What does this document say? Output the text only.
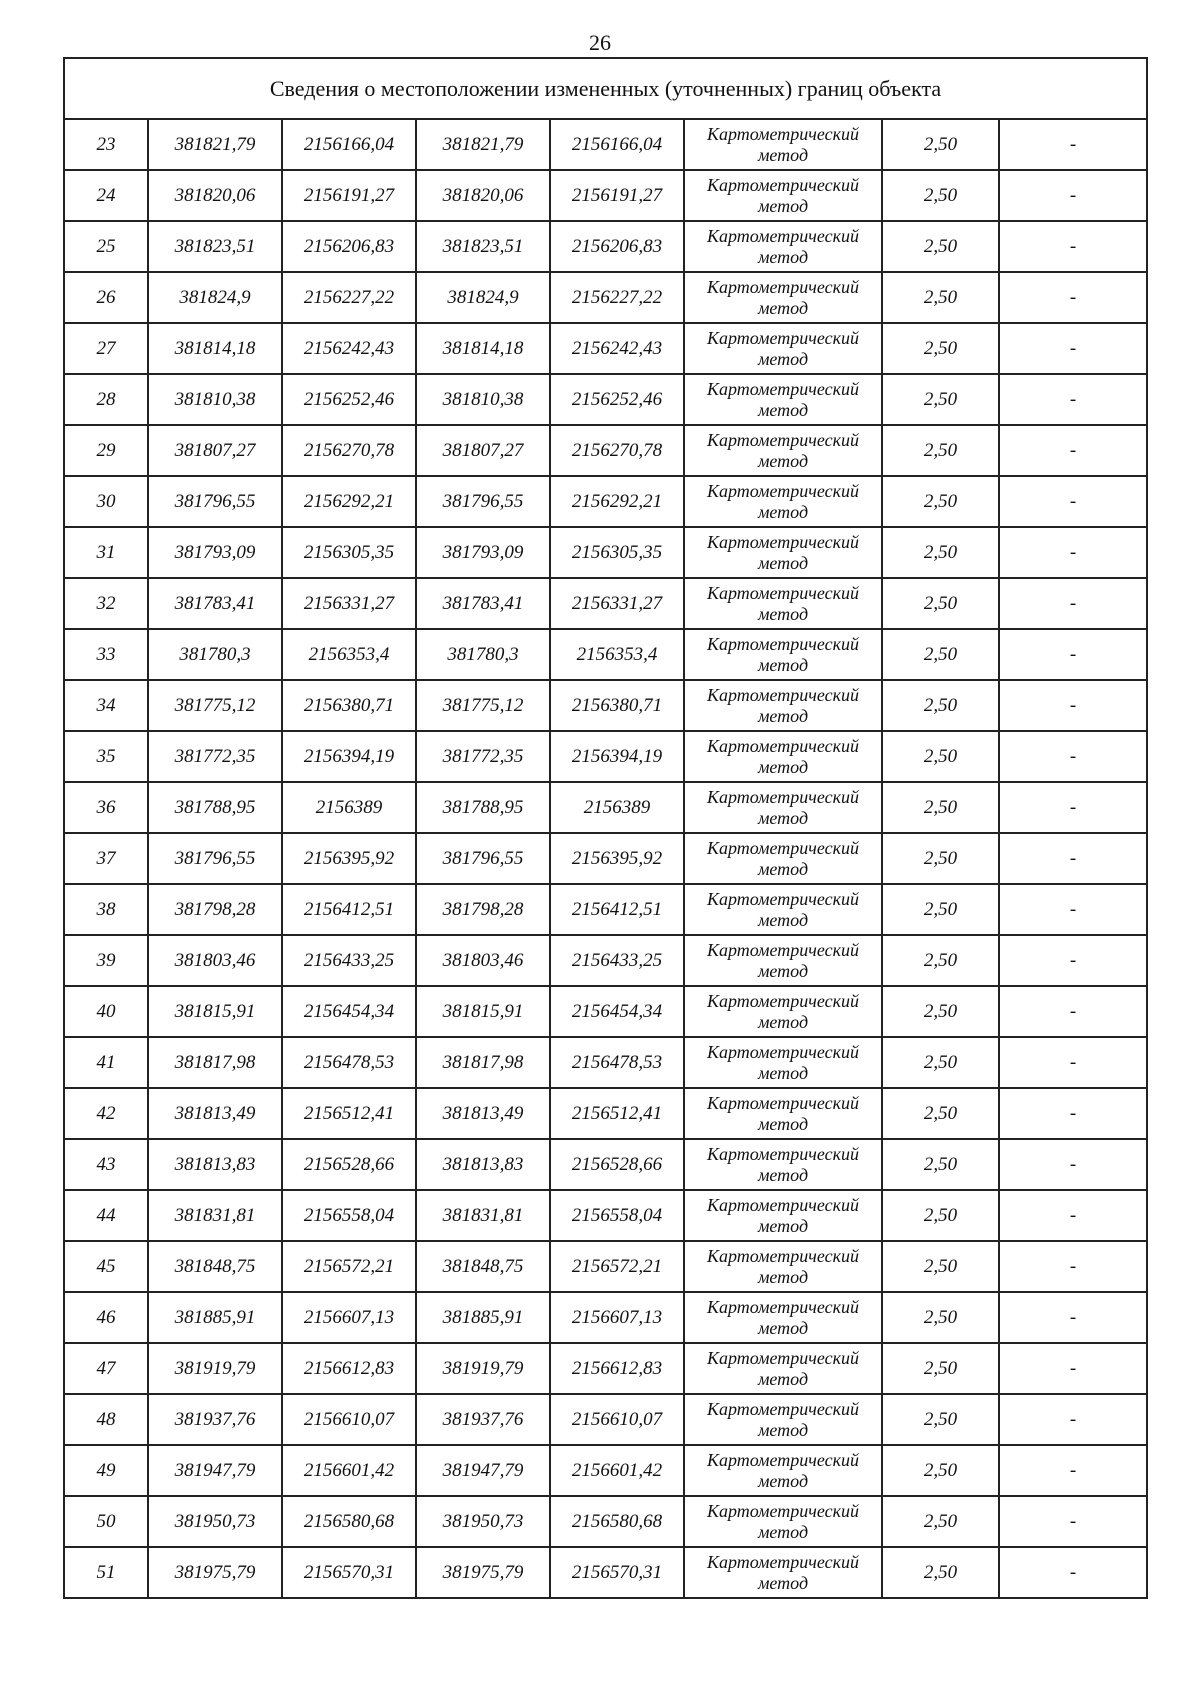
26
Сведения о местоположении измененных (уточненных) границ объекта							
23	381821,79	2156166,04	381821,79	2156166,04	Картометрический
метод	2,50	-
24	381820,06	2156191,27	381820,06	2156191,27	Картометрический
метод	2,50	-
25	381823,51	2156206,83	381823,51	2156206,83	Картометрический
метод	2,50	-
26	381824,9	2156227,22	381824,9	2156227,22	Картометрический
метод	2,50	-
27	381814,18	2156242,43	381814,18	2156242,43	Картометрический
метод	2,50	-
28	381810,38	2156252,46	381810,38	2156252,46	Картометрический
метод	2,50	-
29	381807,27	2156270,78	381807,27	2156270,78	Картометрический
метод	2,50	-
30	381796,55	2156292,21	381796,55	2156292,21	Картометрический
метод	2,50	-
31	381793,09	2156305,35	381793,09	2156305,35	Картометрический
метод	2,50	-
32	381783,41	2156331,27	381783,41	2156331,27	Картометрический
метод	2,50	-
33	381780,3	2156353,4	381780,3	2156353,4	Картометрический
метод	2,50	-
34	381775,12	2156380,71	381775,12	2156380,71	Картометрический
метод	2,50	-
35	381772,35	2156394,19	381772,35	2156394,19	Картометрический
метод	2,50	-
36	381788,95	2156389	381788,95	2156389	Картометрический
метод	2,50	-
37	381796,55	2156395,92	381796,55	2156395,92	Картометрический
метод	2,50	-
38	381798,28	2156412,51	381798,28	2156412,51	Картометрический
метод	2,50	-
39	381803,46	2156433,25	381803,46	2156433,25	Картометрический
метод	2,50	-
40	381815,91	2156454,34	381815,91	2156454,34	Картометрический
метод	2,50	-
41	381817,98	2156478,53	381817,98	2156478,53	Картометрический
метод	2,50	-
42	381813,49	2156512,41	381813,49	2156512,41	Картометрический
метод	2,50	-
43	381813,83	2156528,66	381813,83	2156528,66	Картометрический
метод	2,50	-
44	381831,81	2156558,04	381831,81	2156558,04	Картометрический
метод	2,50	-
45	381848,75	2156572,21	381848,75	2156572,21	Картометрический
метод	2,50	-
46	381885,91	2156607,13	381885,91	2156607,13	Картометрический
метод	2,50	-
47	381919,79	2156612,83	381919,79	2156612,83	Картометрический
метод	2,50	-
48	381937,76	2156610,07	381937,76	2156610,07	Картометрический
метод	2,50	-
49	381947,79	2156601,42	381947,79	2156601,42	Картометрический
метод	2,50	-
50	381950,73	2156580,68	381950,73	2156580,68	Картометрический
метод	2,50	-
51	381975,79	2156570,31	381975,79	2156570,31	Картометрический
метод	2,50	-
